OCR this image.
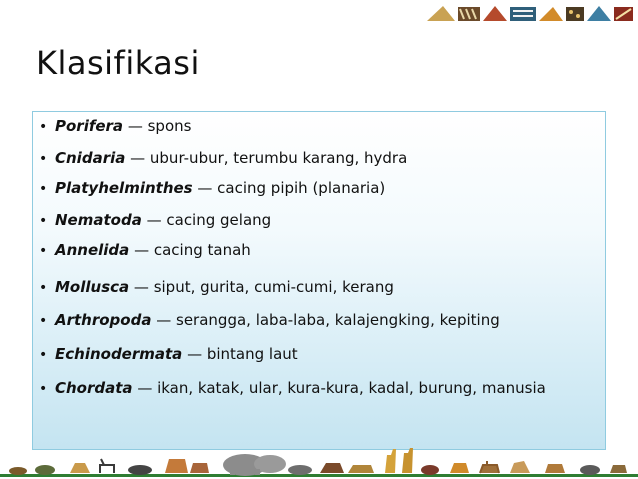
Klasifikasi
• Porifera — spons
• Cnidaria — ubur-ubur, terumbu karang, hydra
• Platyhelminthes — cacing pipih (planaria)
• Nematoda — cacing gelang
• Annelida — cacing tanah
• Mollusca — siput, gurita, cumi-cumi, kerang
• Arthropoda — serangga, laba-laba, kalajengking, kepiting
• Echinodermata — bintang laut
• Chordata — ikan, katak, ular, kura-kura, kadal, burung, manusia
